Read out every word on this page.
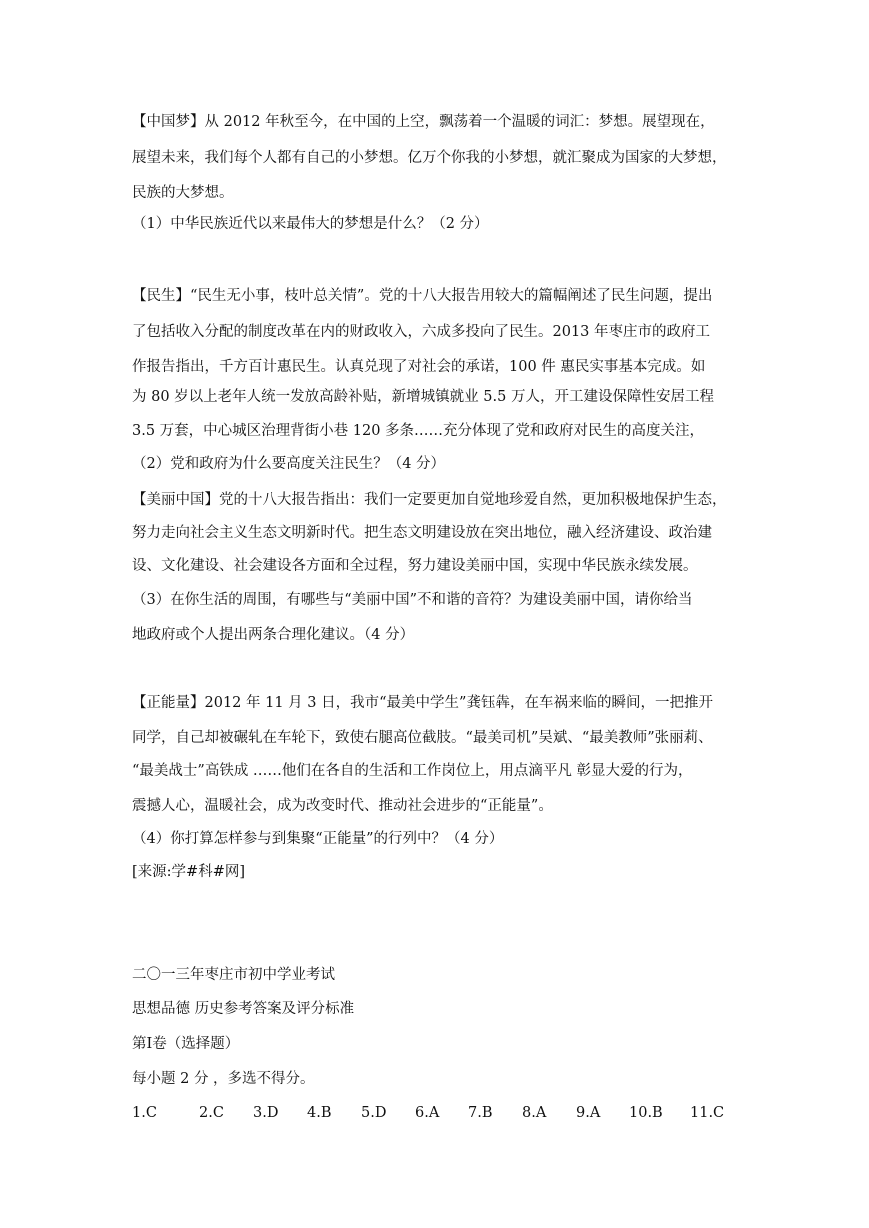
【中国梦】从 2012 年秋至今，在中国的上空，飘荡着一个温暖的词汇：梦想。展望现在，
展望未来，我们每个人都有自己的小梦想。亿万个你我的小梦想，就汇聚成为国家的大梦想，
民族的大梦想。
（1）中华民族近代以来最伟大的梦想是什么？（2 分）
【民生】“民生无小事，枝叶总关情”。党的十八大报告用较大的篇幅阐述了民生问题，提出
了包括收入分配的制度改革在内的财政收入，六成多投向了民生。2013 年枣庄市的政府工
作报告指出，千方百计惠民生。认真兑现了对社会的承诺，100 件 惠民实事基本完成。如
为 80 岁以上老年人统一发放高龄补贴，新增城镇就业 5.5 万人，开工建设保障性安居工程
3.5 万套，中心城区治理背街小巷 120 多条……充分体现了党和政府对民生的高度关注，
（2）党和政府为什么要高度关注民生？（4 分）
【美丽中国】党的十八大报告指出：我们一定要更加自觉地珍爱自然，更加积极地保护生态，
努力走向社会主义生态文明新时代。把生态文明建设放在突出地位，融入经济建设、政治建
设、文化建设、社会建设各方面和全过程，努力建设美丽中国，实现中华民族永续发展。
（3）在你生活的周围，有哪些与“美丽中国”不和谐的音符？为建设美丽中国，请你给当
地政府或个人提出两条合理化建议。（4 分）
【正能量】2012 年 11 月 3 日，我市“最美中学生”龚钰犇，在车祸来临的瞬间，一把推开
同学，自己却被碾轧在车轮下，致使右腿高位截肢。“最美司机”吴斌、“最美教师”张丽莉、
“最美战士”高铁成 ……他们在各自的生活和工作岗位上，用点滴平凡 彰显大爱的行为，
震撼人心，温暖社会，成为改变时代、推动社会进步的“正能量”。
（4）你打算怎样参与到集聚“正能量”的行列中？（4 分）
[来源:学#科#网]
二〇一三年枣庄市初中学业考试
思想品德 历史参考答案及评分标准
第Ⅰ卷（选择题）
每小题 2 分 ，多选不得分。
1.C	2.C 3.D 4.B 5.D 6.A 7.B 8.A 9.A 10.B 11.C
